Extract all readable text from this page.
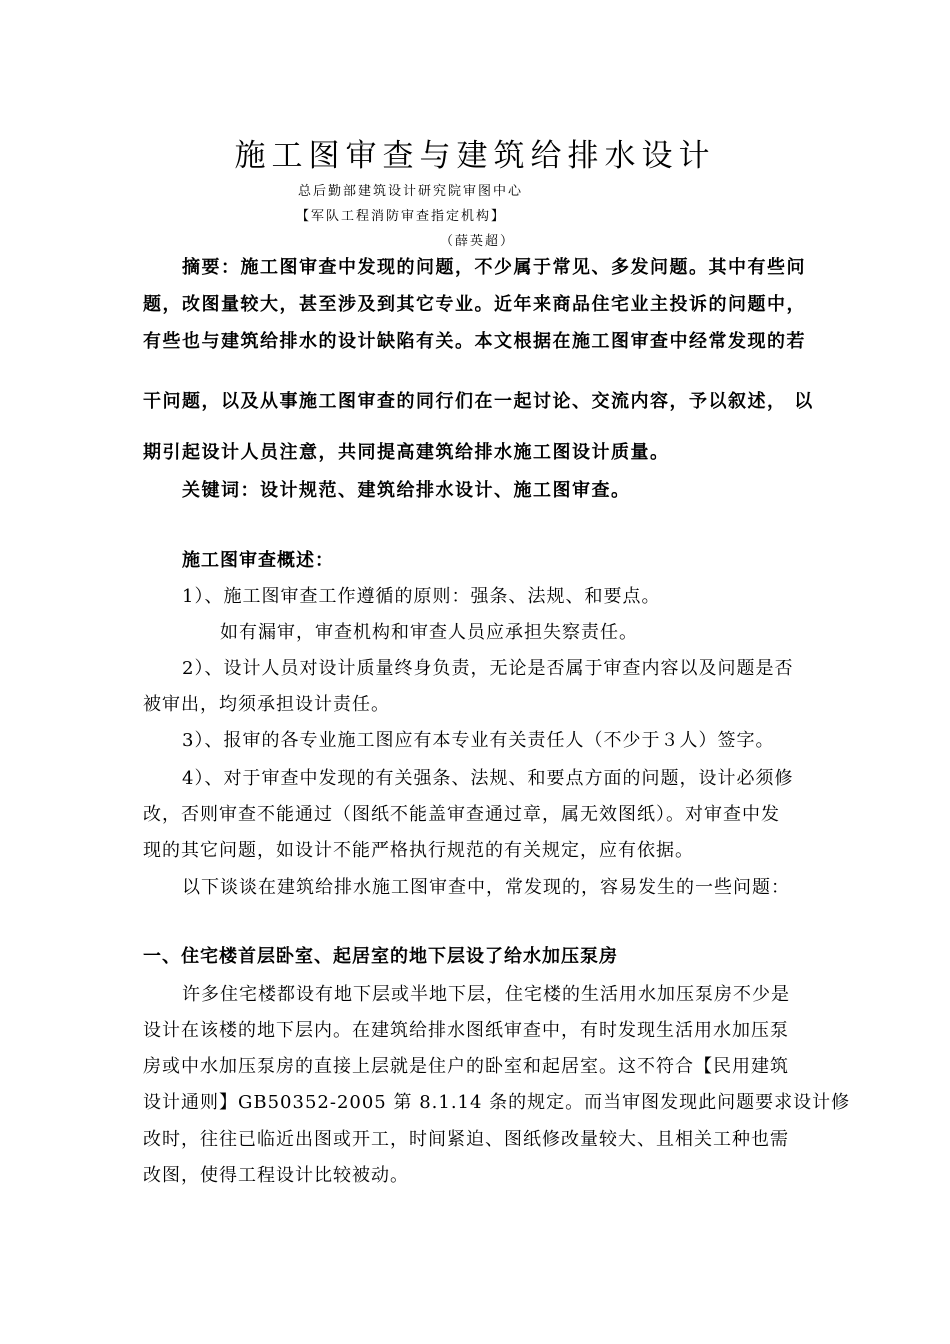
施工图审查与建筑给排水设计
总后勤部建筑设计研究院审图中心
【军队工程消防审查指定机构】
（薛英超）
摘要：施工图审查中发现的问题，不少属于常见、多发问题。其中有些问
题，改图量较大，甚至涉及到其它专业。近年来商品住宅业主投诉的问题中，
有些也与建筑给排水的设计缺陷有关。本文根据在施工图审查中经常发现的若
干问题，以及从事施工图审查的同行们在一起讨论、交流内容，予以叙述， 以
期引起设计人员注意，共同提高建筑给排水施工图设计质量。
关键词：设计规范、建筑给排水设计、施工图审查。
施工图审查概述：
1）、施工图审查工作遵循的原则：强条、法规、和要点。
如有漏审，审查机构和审查人员应承担失察责任。
2）、设计人员对设计质量终身负责，无论是否属于审查内容以及问题是否
被审出，均须承担设计责任。
3）、报审的各专业施工图应有本专业有关责任人（不少于３人）签字。
4）、对于审查中发现的有关强条、法规、和要点方面的问题，设计必须修
改，否则审查不能通过（图纸不能盖审查通过章，属无效图纸）。对审查中发
现的其它问题，如设计不能严格执行规范的有关规定，应有依据。
以下谈谈在建筑给排水施工图审查中，常发现的，容易发生的一些问题：
一、住宅楼首层卧室、起居室的地下层设了给水加压泵房
许多住宅楼都设有地下层或半地下层，住宅楼的生活用水加压泵房不少是
设计在该楼的地下层内。在建筑给排水图纸审查中，有时发现生活用水加压泵
房或中水加压泵房的直接上层就是住户的卧室和起居室。这不符合【民用建筑
设计通则】GB50352-2005 第 8.1.14 条的规定。而当审图发现此问题要求设计修
改时，往往已临近出图或开工，时间紧迫、图纸修改量较大、且相关工种也需
改图，使得工程设计比较被动。
